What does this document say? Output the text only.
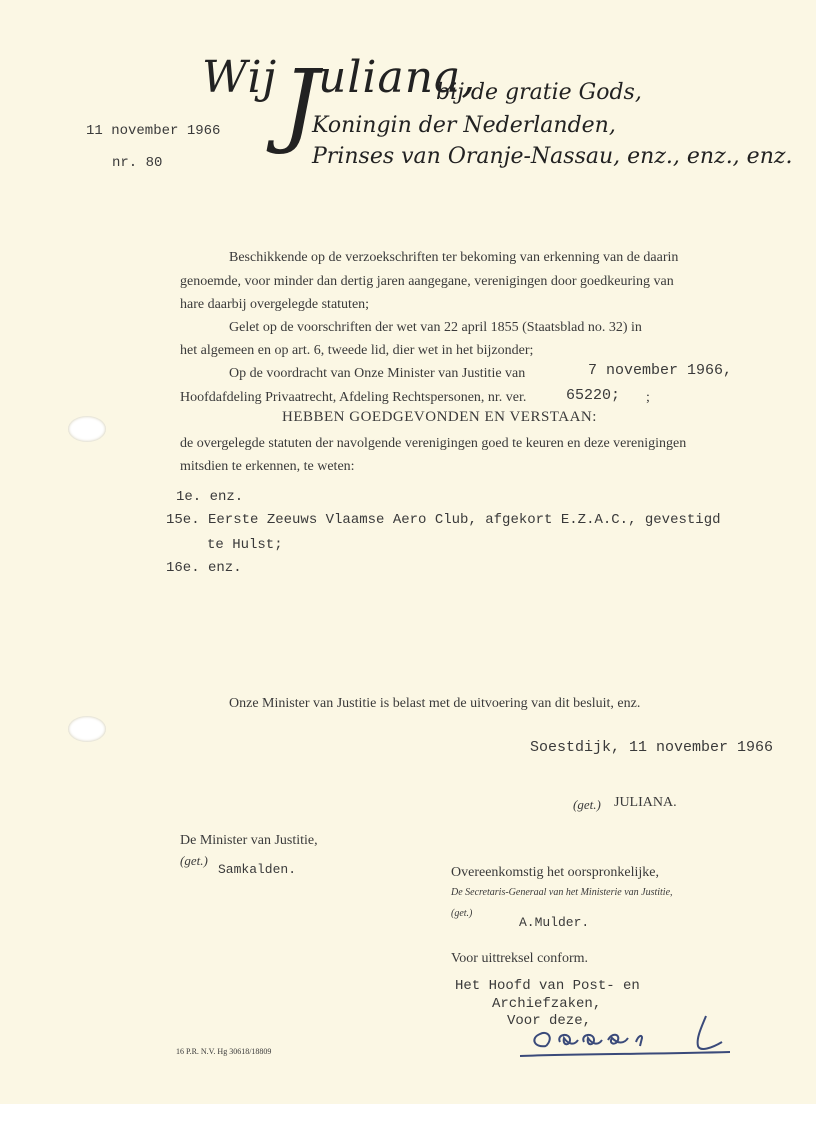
Wij J uliana,
bij de gratie Gods,
Koningin der Nederlanden,
Prinses van Oranje-Nassau, enz., enz., enz.
11 november 1966
nr. 80
Beschikkende op de verzoekschriften ter bekoming van erkenning van de daarin
genoemde, voor minder dan dertig jaren aangegane, verenigingen door goedkeuring van
hare daarbij overgelegde statuten;
Gelet op de voorschriften der wet van 22 april 1855 (Staatsblad no. 32) in
het algemeen en op art. 6, tweede lid, dier wet in het bijzonder;
Op de voordracht van Onze Minister van Justitie van	7 november 1966,
Hoofdafdeling Privaatrecht, Afdeling Rechtspersonen, nr. ver.	65220; ;
HEBBEN GOEDGEVONDEN EN VERSTAAN:
de overgelegde statuten der navolgende verenigingen goed te keuren en deze verenigingen
mitsdien te erkennen, te weten:
1e. enz.
15e. Eerste Zeeuws Vlaamse Aero Club, afgekort E.Z.A.C., gevestigd
te Hulst;
16e. enz.
Onze Minister van Justitie is belast met de uitvoering van dit besluit, enz.
Soestdijk, 11 november 1966
(get.) JULIANA.
De Minister van Justitie,
(get.)
Samkalden.	Overeenkomstig het oorspronkelijke,
De Secretaris-Generaal van het Ministerie van Justitie,
(get.)
A.Mulder.
Voor uittreksel conform.
Het Hoofd van Post- en
Archiefzaken,
Voor deze,
16 P.R. N.V. Hg 30618/18809
